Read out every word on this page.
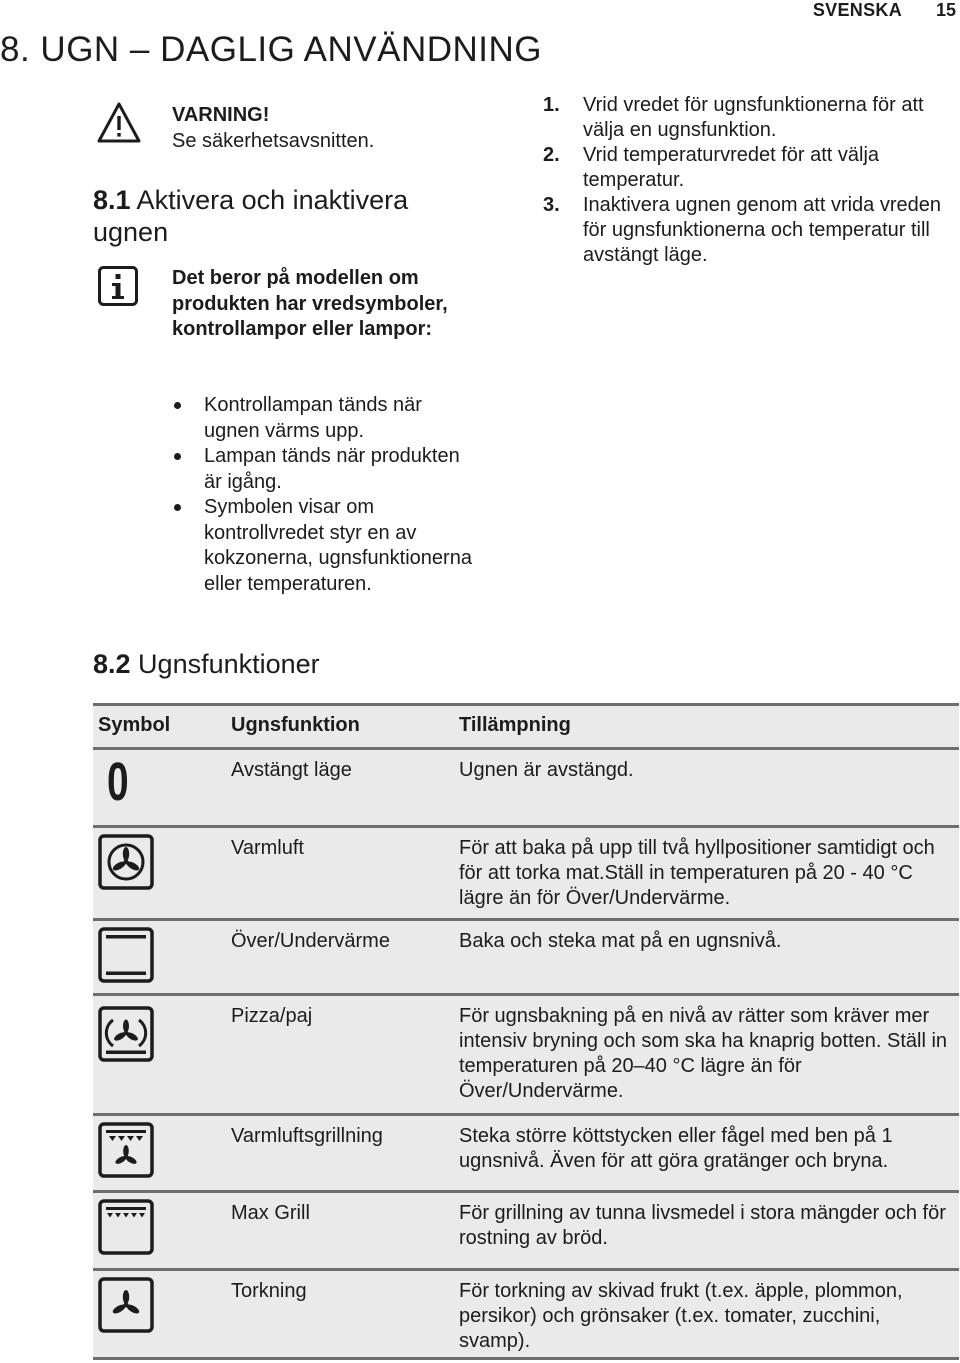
SVENSKA 15
8. UGN – DAGLIG ANVÄNDNING
VARNING!
Se säkerhetsavsnitten.
8.1 Aktivera och inaktivera
ugnen
Det beror på modellen om produkten har vredsymboler, kontrollampor eller lampor:
Kontrollampan tänds när ugnen värms upp.
Lampan tänds när produkten är igång.
Symbolen visar om kontrollvredet styr en av kokzonerna, ugnsfunktionerna eller temperaturen.
1. Vrid vredet för ugnsfunktionerna för att välja en ugnsfunktion.
2. Vrid temperaturvredet för att välja temperatur.
3. Inaktivera ugnen genom att vrida vreden för ugnsfunktionerna och temperatur till avstängt läge.
8.2 Ugnsfunktioner
Symbol	Ugnsfunktion	Tillämpning
0	Avstängt läge	Ugnen är avstängd.
Varmluft	För att baka på upp till två hyllpositioner samtidigt och för att torka mat.Ställ in temperaturen på 20 - 40 °C lägre än för Över/Undervärme.
Över/Undervärme	Baka och steka mat på en ugnsnivå.
Pizza/paj	För ugnsbakning på en nivå av rätter som kräver mer intensiv bryning och som ska ha knaprig botten. Ställ in temperaturen på 20–40 °C lägre än för Över/Undervärme.
Varmluftsgrillning	Steka större köttstycken eller fågel med ben på 1 ugnsnivå. Även för att göra gratänger och bryna.
Max Grill	För grillning av tunna livsmedel i stora mängder och för rostning av bröd.
Torkning	För torkning av skivad frukt (t.ex. äpple, plommon, persikor) och grönsaker (t.ex. tomater, zucchini, svamp).
